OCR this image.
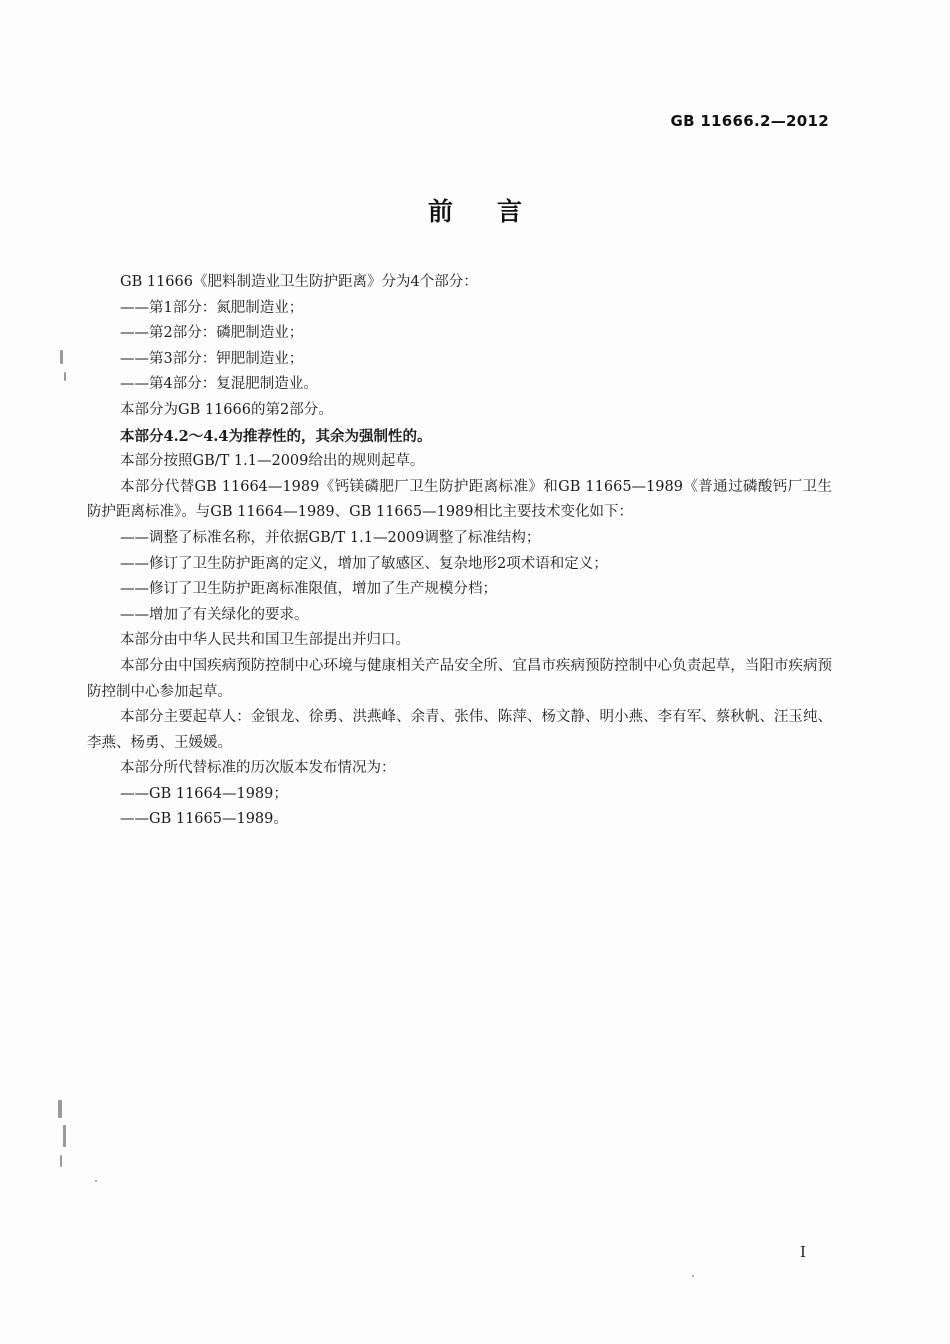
GB 11666.2—2012
前言

GB 11666《肥料制造业卫生防护距离》分为4个部分：

——第1部分：氮肥制造业；

——第2部分：磷肥制造业；

——第3部分：钾肥制造业；

——第4部分：复混肥制造业。

本部分为GB 11666的第2部分。

本部分4.2～4.4为推荐性的，其余为强制性的。

本部分按照GB/T 1.1—2009给出的规则起草。

本部分代替GB 11664—1989《钙镁磷肥厂卫生防护距离标准》和GB 11665—1989《普通过磷酸钙厂卫生防护距离标准》。与GB 11664—1989、GB 11665—1989相比主要技术变化如下：

——调整了标准名称，并依据GB/T 1.1—2009调整了标准结构；

——修订了卫生防护距离的定义，增加了敏感区、复杂地形2项术语和定义；

——修订了卫生防护距离标准限值，增加了生产规模分档；

——增加了有关绿化的要求。

本部分由中华人民共和国卫生部提出并归口。

本部分由中国疾病预防控制中心环境与健康相关产品安全所、宜昌市疾病预防控制中心负责起草，当阳市疾病预防控制中心参加起草。

本部分主要起草人：金银龙、徐勇、洪燕峰、余青、张伟、陈萍、杨文静、明小燕、李有军、蔡秋帆、汪玉纯、李燕、杨勇、王媛媛。

本部分所代替标准的历次版本发布情况为：

——GB 11664—1989；

——GB 11665—1989。

I
